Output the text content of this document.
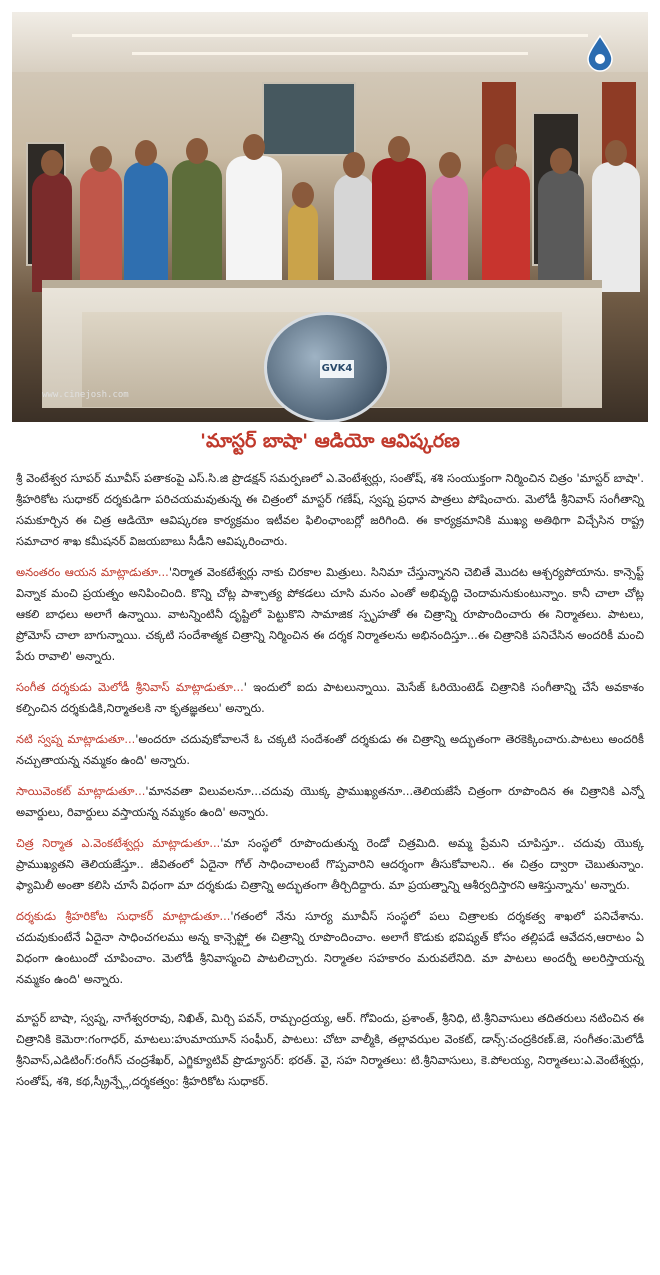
GVK4
www.cinejosh.com
'మాస్టర్ బాషా' ఆడియో ఆవిష్కరణ

శ్రీ వెంటేశ్వర సూపర్ మూవీస్ పతాకంపై ఎస్.సి.జి ప్రొడక్షన్ సమర్పణలో ఎ.వెంటేశ్వర్లు, సంతోష్, శశి సంయుక్తంగా నిర్మించిన చిత్రం 'మాస్టర్ బాషా'. శ్రీహరికోట సుధాకర్ దర్శకుడిగా పరిచయమవుతున్న ఈ చిత్రంలో మాస్టర్ గణేష్, స్వప్న ప్రధాన పాత్రలు పోషించారు. మెలోడీ శ్రీనివాస్ సంగీతాన్ని సమకూర్చిన ఈ చిత్ర ఆడియో ఆవిష్కరణ కార్యక్రమం ఇటీవల ఫిలింఛాంబర్లో జరిగింది. ఈ కార్యక్రమానికి ముఖ్య అతిథిగా విచ్చేసిన రాష్ట్ర సమాచార శాఖ కమీషనర్ విజయబాబు సీడీని ఆవిష్కరించారు.

అనంతరం ఆయన మాట్లాడుతూ...'నిర్మాత వెంకటేశ్వర్లు నాకు చిరకాల మిత్రులు. సినిమా చేస్తున్నానని చెబితే మొదట ఆశ్చర్యపోయాను. కాన్సెప్ట్ విన్నాక మంచి ప్రయత్నం అనిపించింది. కొన్ని చోట్ల పాశ్చాత్య పోకడలు చూసి మనం ఎంతో అభివృద్ధి చెందామనుకుంటున్నాం. కానీ చాలా చోట్ల ఆకలి బాధలు అలాగే ఉన్నాయి. వాటన్నింటినీ దృష్టిలో పెట్టుకొని సామాజిక స్పృహతో ఈ చిత్రాన్ని రూపొందించారు ఈ నిర్మాతలు. పాటలు, ప్రోమోస్ చాలా బాగున్నాయి. చక్కటి సందేశాత్మక చిత్రాన్ని నిర్మించిన ఈ దర్శక నిర్మాతలను అభినందిస్తూ...ఈ చిత్రానికి పనిచేసిన అందరికీ మంచి పేరు రావాలి' అన్నారు.

సంగీత దర్శకుడు మెలోడీ శ్రీనివాస్ మాట్లాడుతూ...' ఇందులో ఐదు పాటలున్నాయి. మెసేజ్ ఓరియెంటెడ్ చిత్రానికి సంగీతాన్ని చేసే అవకాశం కల్పించిన దర్శకుడికి,నిర్మాతలకి నా కృతజ్ఞతలు' అన్నారు.

నటి స్వప్న మాట్లాడుతూ...'అందరూ చదువుకోవాలనే ఓ చక్కటి సందేశంతో దర్శకుడు ఈ చిత్రాన్ని అద్భుతంగా తెరకెక్కించారు.పాటలు అందరికీ నచ్చుతాయన్న నమ్మకం ఉంది' అన్నారు.

సాయివెంకట్ మాట్లాడుతూ...'మానవతా విలువలనూ...చదువు యొక్క ప్రాముఖ్యతనూ...తెలియజేసే చిత్రంగా రూపొందిన ఈ చిత్రానికి ఎన్నో అవార్డులు, రివార్డులు వస్తాయన్న నమ్మకం ఉంది' అన్నారు.

చిత్ర నిర్మాత ఎ.వెంకటేశ్వర్లు మాట్లాడుతూ...'మా సంస్థలో రూపొందుతున్న రెండో చిత్రమిది. అమ్మ ప్రేమని చూపిస్తూ.. చదువు యొక్క ప్రాముఖ్యతని తెలియజేస్తూ.. జీవితంలో ఏదైనా గోల్ సాధించాలంటే గొప్పవారిని ఆదర్శంగా తీసుకోవాలని.. ఈ చిత్రం ద్వారా చెబుతున్నాం. ఫ్యామిలీ అంతా కలిసి చూసే విధంగా మా దర్శకుడు చిత్రాన్ని అద్భుతంగా తీర్చిదిద్దారు. మా ప్రయత్నాన్ని ఆశీర్వదిస్తారని ఆశిస్తున్నాను' అన్నారు.

దర్శకుడు శ్రీహరికోట సుధాకర్ మాట్లాడుతూ...'గతంలో నేను సూర్య మూవీస్ సంస్థలో పలు చిత్రాలకు దర్శకత్వ శాఖలో పనిచేశాను. చదువుకుంటేనే ఏదైనా సాధించగలము అన్న కాన్సెప్ట్తో ఈ చిత్రాన్ని రూపొందించాం. అలాగే కొడుకు భవిష్యత్ కోసం తల్లిపడే ఆవేదన,ఆరాటం ఏ విధంగా ఉంటుందో చూపించాం. మెలోడీ శ్రీనివాస్మంచి పాటలిచ్చారు. నిర్మాతల సహకారం మరువలేనిది. మా పాటలు అందర్నీ అలరిస్తాయన్న నమ్మకం ఉంది' అన్నారు.

మాస్టర్ బాషా, స్వప్న, నాగేశ్వరరావు, నిఖిత్, మిర్చి పవన్, రామ్చంద్రయ్య, ఆర్. గోవిందు, ప్రశాంత్, శ్రీనిధి, టి.శ్రీనివాసులు తదితరులు నటించిన ఈ చిత్రానికి కెమెరా:గంగాధర్, మాటలు:హుమాయూన్ సంఘీర్, పాటలు: చోటా వాల్మీకి, తల్లావఝల వెంకట్, డాన్స్:చంద్రకిరణ్.జె, సంగీతం:మెలోడీ శ్రీనివాస్,ఎడిటింగ్:రంగీస్ చంద్రశేఖర్, ఎగ్జిక్యూటివ్ ప్రొడ్యూసర్: భరత్. వై, సహ నిర్మాతలు: టి.శ్రీనివాసులు, కె.పోలయ్య, నిర్మాతలు:ఎ.వెంటేశ్వర్లు, సంతోష్, శశి, కథ,స్క్రీన్ప్లే,దర్శకత్వం: శ్రీహరికోట సుధాకర్.
